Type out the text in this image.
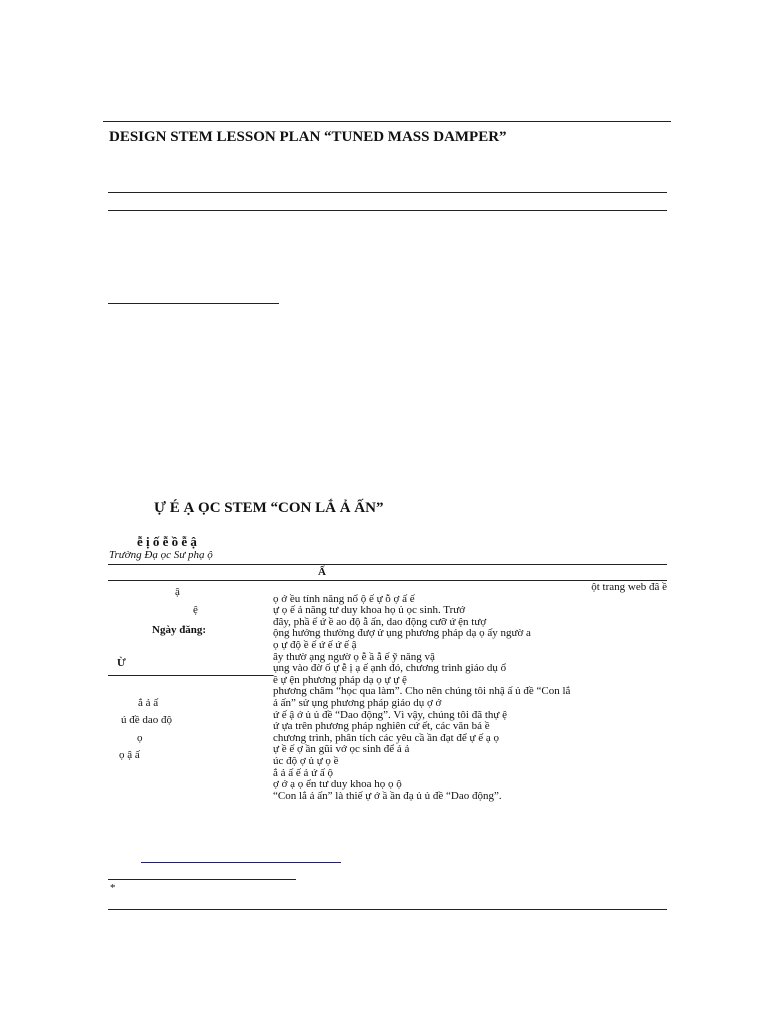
DESIGN STEM LESSON PLAN “TUNED MASS DAMPER”
Ự É Ạ ỌC STEM “CON LẮ Ả ẤN”
ễ ị ố ễ ồ ễ ậ
Trường Đạ ọc Sư phạ ộ
Ấ
ậ
ệ
Ngày đăng:
Ừ
ắ ả ấ
ú đề dao độ
ọ
ọ ậ ấ
ột trang web đâ ề
ọ ớ ều tính năng nổ ộ ế ự ỗ ợ ấ ế
ự ọ ế ả năng tư duy khoa họ ủ ọc sinh. Trướ
đây, phầ ế ứ ề ao độ ẫ ấn, dao động cưỡ ứ ện tượ
ộng hưởng thường đượ ử ụng phương pháp dạ ọ ấy ngườ a
ọ ự độ ề ế ứ ế ứ ế ậ
ây thườ ạng ngườ ọ ễ ầ ẫ ế ỹ năng vậ
ụng vào đờ ố ự ễ ị ạ ế ạnh đó, chương trình giáo dụ ổ
ề ự ện phương pháp dạ ọ ự ự ệ
phương châm “học qua làm”. Cho nên chúng tôi nhậ ấ ủ đề “Con lắ
ả ấn” sử ụng phương pháp giáo dụ ợ ớ
ứ ế ậ ớ ủ ủ đề “Dao động”. Vì vậy, chúng tôi đã thự ệ
ứ ựa trên phương pháp nghiên cứ ết, các văn bả ề
chương trình, phân tích các yêu cầ ần đạt để ự ế ạ ọ
ự ề ế ợ ần gũi vớ ọc sinh để ả ả
úc độ ợ ủ ự ọ ề
ắ ả ấ ế ả ứ ấ ộ
ợ ớ ạ ọ ển tư duy khoa họ ọ ộ
“Con lắ ả ấn” là thiế ự ớ ầ ần đạ ủ ủ đề “Dao động”.
*
